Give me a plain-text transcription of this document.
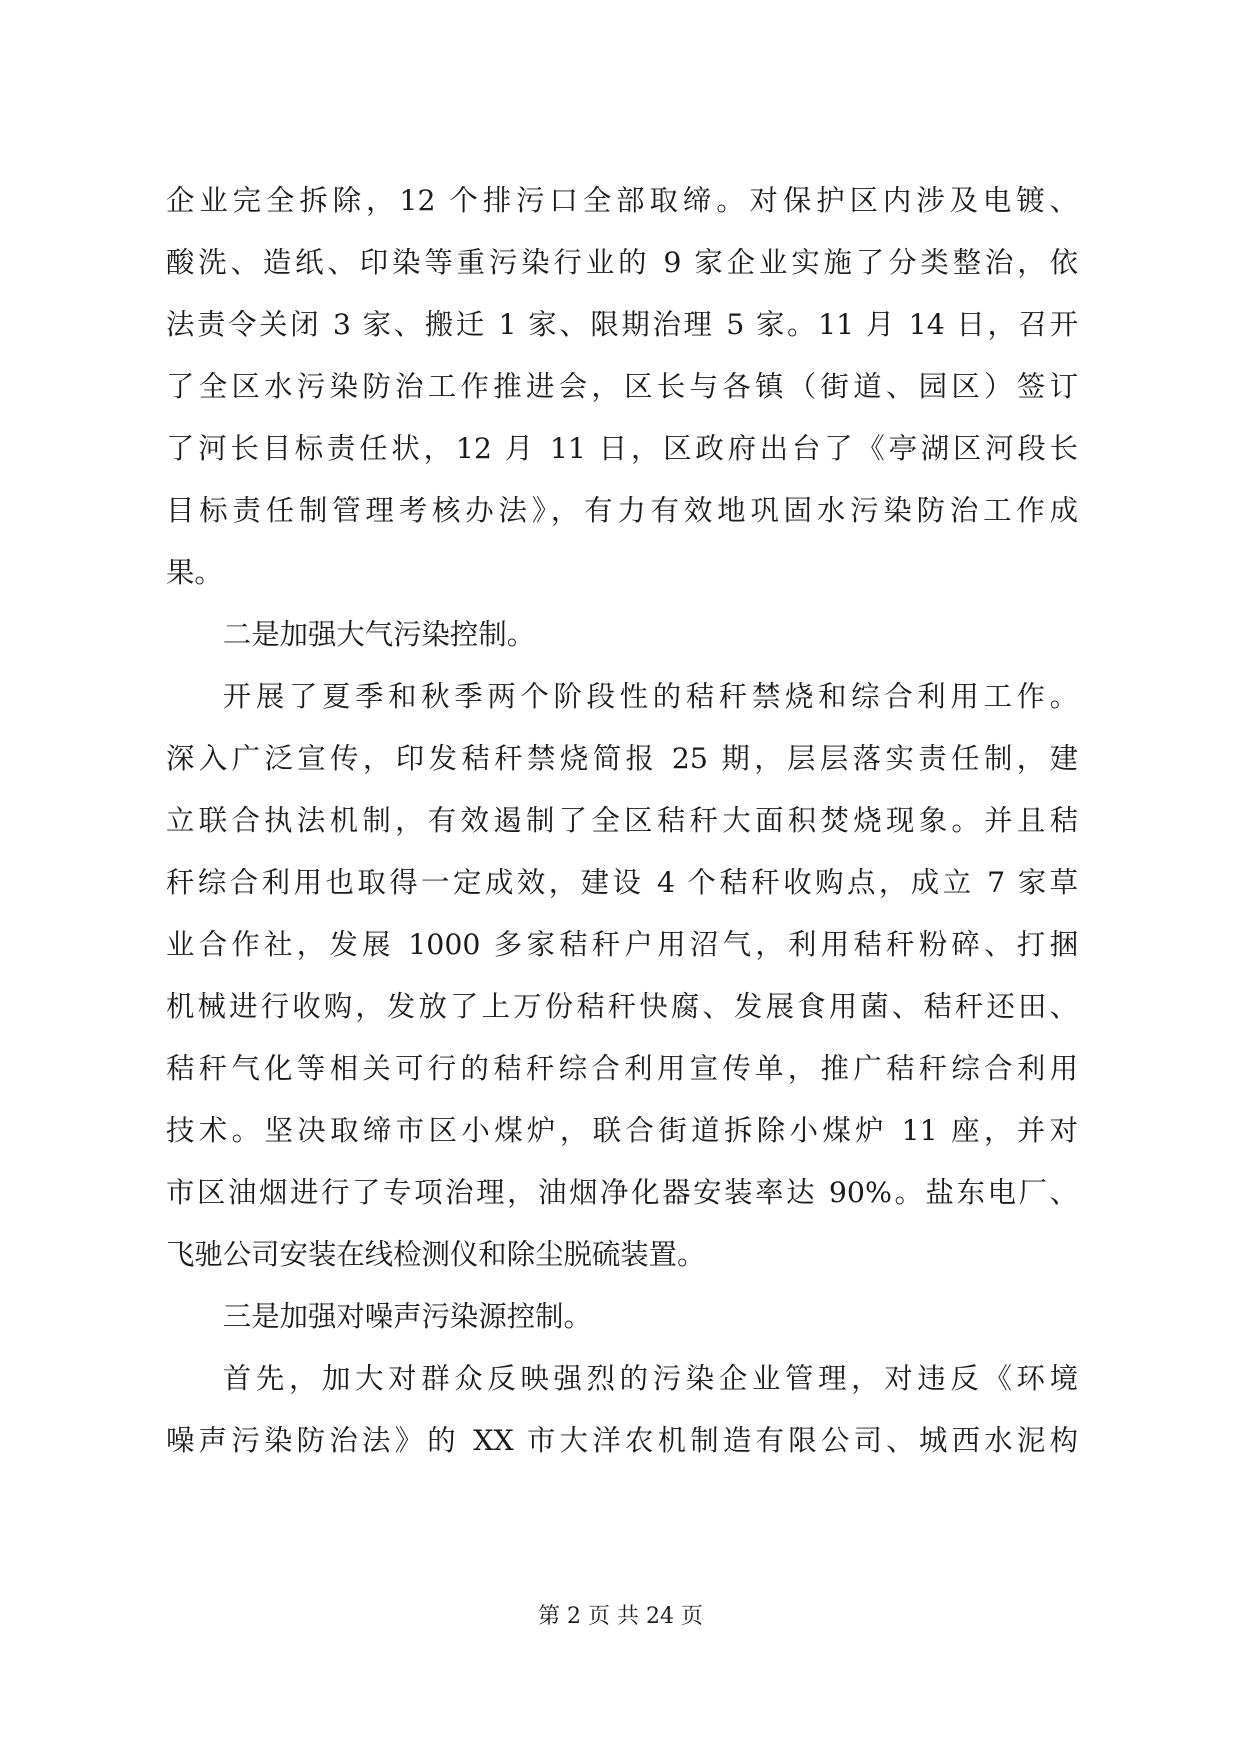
企业完全拆除，12 个排污口全部取缔。对保护区内涉及电镀、

酸洗、造纸、印染等重污染行业的 9 家企业实施了分类整治，依

法责令关闭 3 家、搬迁 1 家、限期治理 5 家。11 月 14 日，召开

了全区水污染防治工作推进会，区长与各镇（街道、园区）签订

了河长目标责任状，12 月 11 日，区政府出台了《亭湖区河段长

目标责任制管理考核办法》，有力有效地巩固水污染防治工作成

果。

二是加强大气污染控制。

开展了夏季和秋季两个阶段性的秸秆禁烧和综合利用工作。

深入广泛宣传，印发秸秆禁烧简报 25 期，层层落实责任制，建

立联合执法机制，有效遏制了全区秸秆大面积焚烧现象。并且秸

秆综合利用也取得一定成效，建设 4 个秸秆收购点，成立 7 家草

业合作社，发展 1000 多家秸秆户用沼气，利用秸秆粉碎、打捆

机械进行收购，发放了上万份秸秆快腐、发展食用菌、秸秆还田、

秸秆气化等相关可行的秸秆综合利用宣传单，推广秸秆综合利用

技术。坚决取缔市区小煤炉，联合街道拆除小煤炉 11 座，并对

市区油烟进行了专项治理，油烟净化器安装率达 90%。盐东电厂、

飞驰公司安装在线检测仪和除尘脱硫装置。

三是加强对噪声污染源控制。

首先，加大对群众反映强烈的污染企业管理，对违反《环境

噪声污染防治法》的 XX 市大洋农机制造有限公司、城西水泥构

第 2 页 共 24 页
